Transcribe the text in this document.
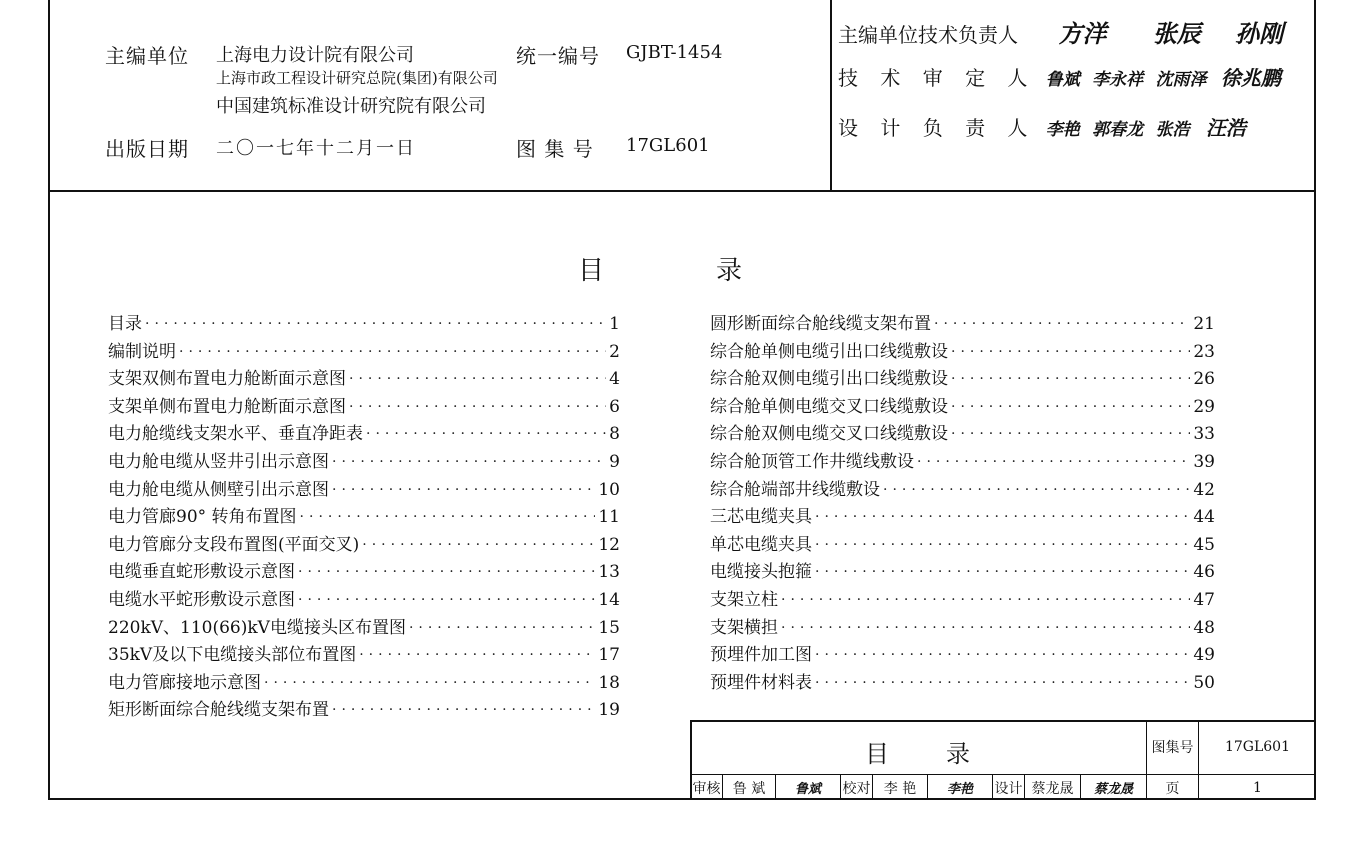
主编单位 上海电力设计院有限公司
上海市政工程设计研究总院(集团)有限公司
中国建筑标准设计研究院有限公司
统一编号 GJBT-1454
出版日期 二〇一七年十二月一日	图 集 号 17GL601
主编单位技术负责人 方洋 张辰 孙刚
技 术 审 定 人 鲁斌 李永祥 沈雨泽 徐兆鹏
设 计 负 责 人 李艳 郭春龙 张浩 汪浩
目	录
目录 ·····	1
编制说明 ·····	2
支架双侧布置电力舱断面示意图 ·····	4
支架单侧布置电力舱断面示意图 ·····	6
电力舱缆线支架水平、垂直净距表 ·····	8
电力舱电缆从竖井引出示意图 ·····	9
电力舱电缆从侧壁引出示意图 ·····	10
电力管廊90° 转角布置图 ·····	11
电力管廊分支段布置图(平面交叉) ·····	12
电缆垂直蛇形敷设示意图 ·····	13
电缆水平蛇形敷设示意图 ·····	14
220kV、110(66)kV电缆接头区布置图 ·····	15
35kV及以下电缆接头部位布置图 ·····	17
电力管廊接地示意图 ·····	18
矩形断面综合舱线缆支架布置 ·····	19
圆形断面综合舱线缆支架布置 ·····	21
综合舱单侧电缆引出口线缆敷设 ·····	23
综合舱双侧电缆引出口线缆敷设 ·····	26
综合舱单侧电缆交叉口线缆敷设 ·····	29
综合舱双侧电缆交叉口线缆敷设 ·····	33
综合舱顶管工作井缆线敷设 ·····	39
综合舱端部井线缆敷设 ·····	42
三芯电缆夹具 ·····	44
单芯电缆夹具 ·····	45
电缆接头抱箍 ·····	46
支架立柱 ·····	47
支架横担 ·····	48
预埋件加工图 ·····	49
预埋件材料表 ·····	50
目 录	图集号	17GL601
页	1
审核 鲁 斌	鲁斌	校对 李 艳	李艳	设计 蔡龙晟	蔡龙晟
